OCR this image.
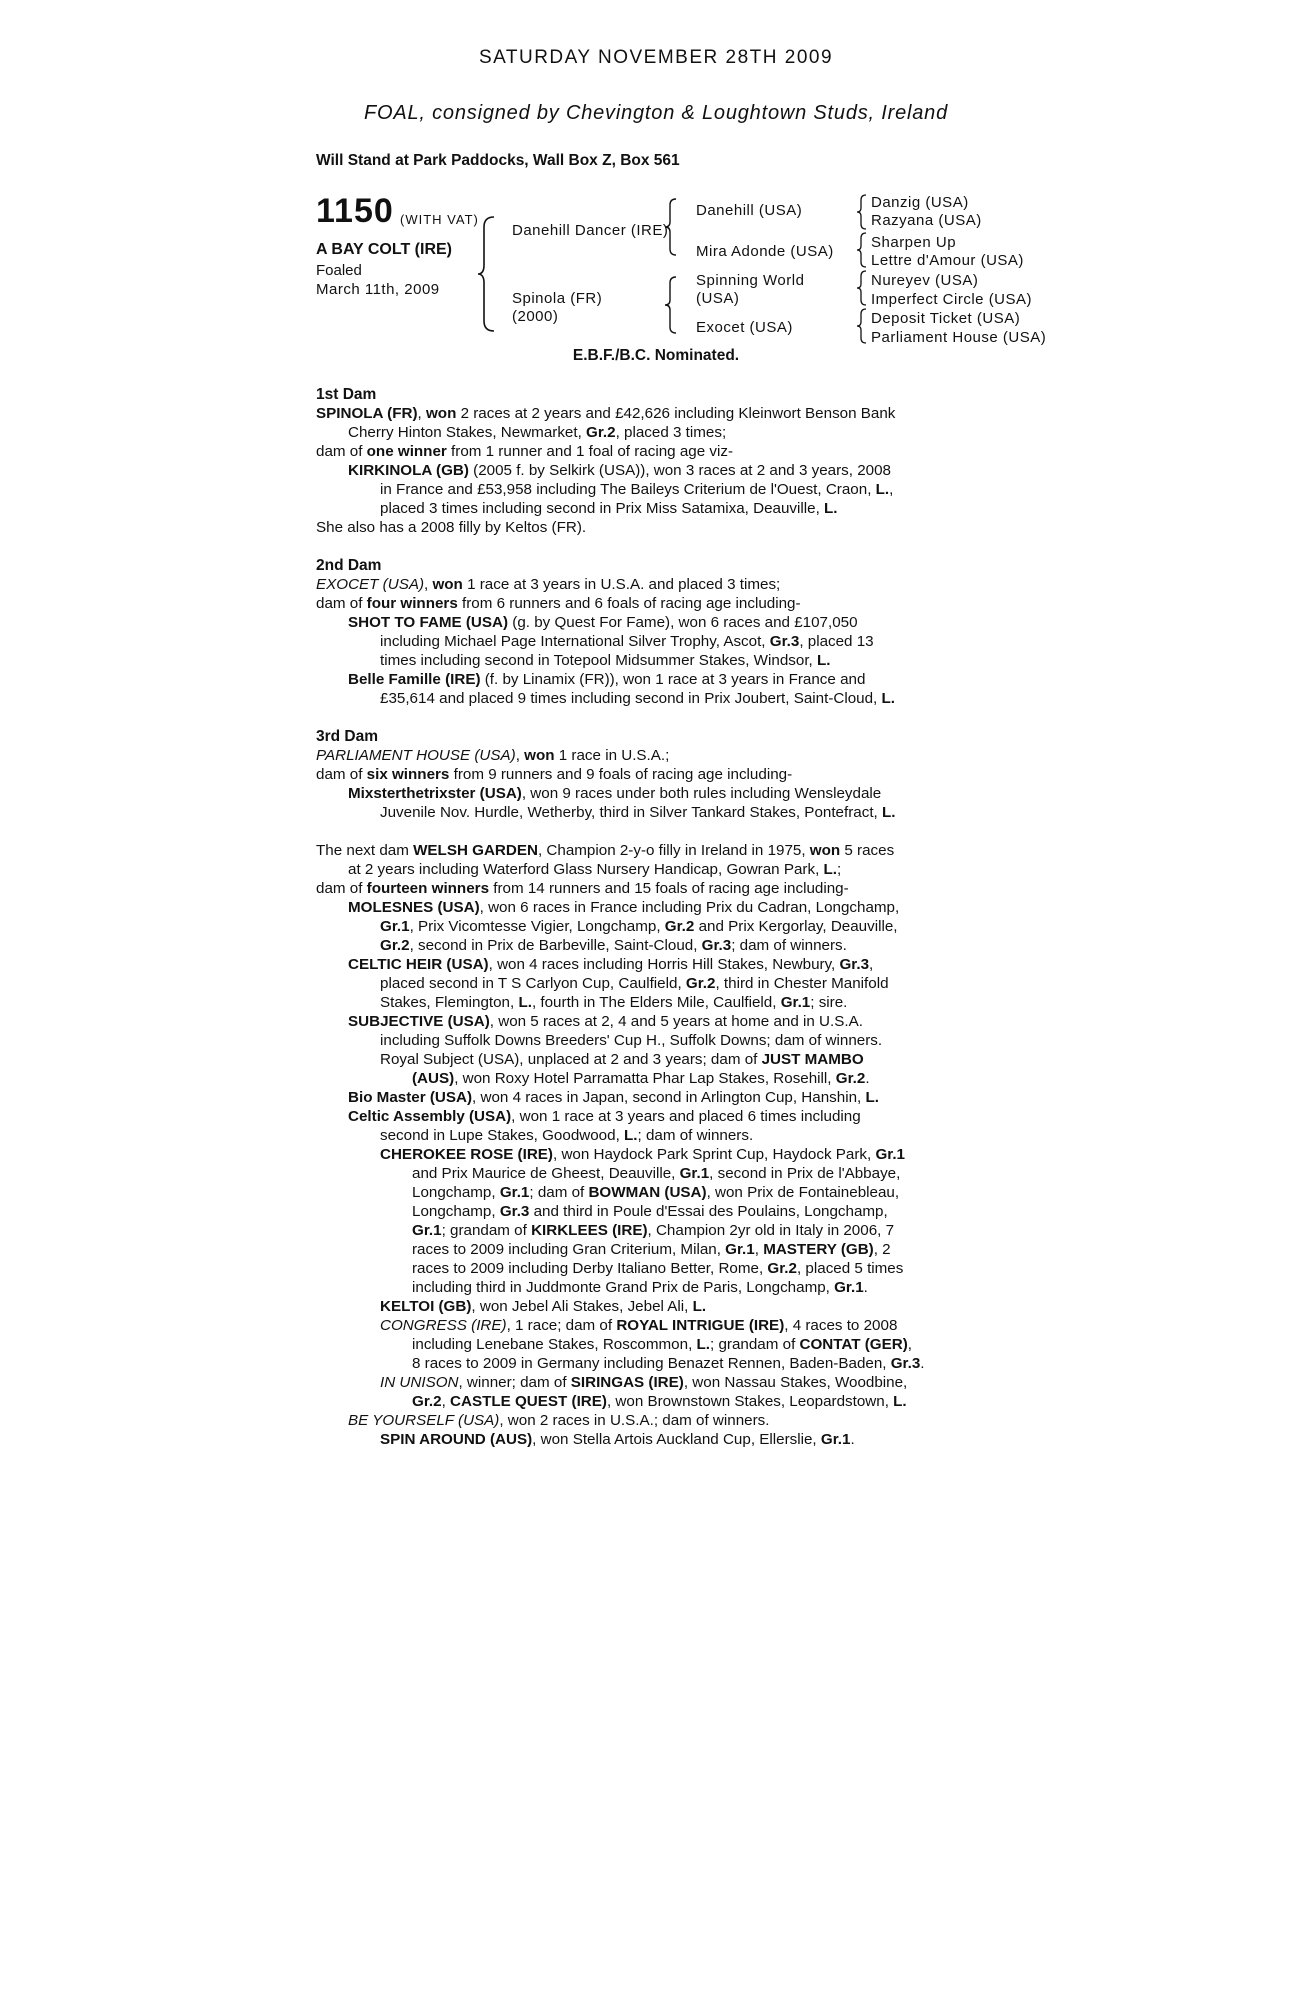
SATURDAY NOVEMBER 28TH 2009
FOAL, consigned by Chevington & Loughtown Studs, Ireland
Will Stand at Park Paddocks, Wall Box Z, Box 561
1150 (WITH VAT)
A BAY COLT (IRE)
Foaled
March 11th, 2009
Danehill Dancer (IRE)
Spinola (FR)
(2000)
Danehill (USA)
Mira Adonde (USA)
Spinning World
(USA)
Exocet (USA)
Danzig (USA)
Razyana (USA)
Sharpen Up
Lettre d'Amour (USA)
Nureyev (USA)
Imperfect Circle (USA)
Deposit Ticket (USA)
Parliament House (USA)
E.B.F./B.C. Nominated.
1st Dam
SPINOLA (FR), won 2 races at 2 years and £42,626 including Kleinwort Benson Bank
Cherry Hinton Stakes, Newmarket, Gr.2, placed 3 times;
dam of one winner from 1 runner and 1 foal of racing age viz-
KIRKINOLA (GB) (2005 f. by Selkirk (USA)), won 3 races at 2 and 3 years, 2008
in France and £53,958 including The Baileys Criterium de l'Ouest, Craon, L.,
placed 3 times including second in Prix Miss Satamixa, Deauville, L.
She also has a 2008 filly by Keltos (FR).
2nd Dam
EXOCET (USA), won 1 race at 3 years in U.S.A. and placed 3 times;
dam of four winners from 6 runners and 6 foals of racing age including-
SHOT TO FAME (USA) (g. by Quest For Fame), won 6 races and £107,050
including Michael Page International Silver Trophy, Ascot, Gr.3, placed 13
times including second in Totepool Midsummer Stakes, Windsor, L.
Belle Famille (IRE) (f. by Linamix (FR)), won 1 race at 3 years in France and
£35,614 and placed 9 times including second in Prix Joubert, Saint-Cloud, L.
3rd Dam
PARLIAMENT HOUSE (USA), won 1 race in U.S.A.;
dam of six winners from 9 runners and 9 foals of racing age including-
Mixsterthetrixster (USA), won 9 races under both rules including Wensleydale
Juvenile Nov. Hurdle, Wetherby, third in Silver Tankard Stakes, Pontefract, L.
The next dam WELSH GARDEN, Champion 2-y-o filly in Ireland in 1975, won 5 races
at 2 years including Waterford Glass Nursery Handicap, Gowran Park, L.;
dam of fourteen winners from 14 runners and 15 foals of racing age including-
MOLESNES (USA), won 6 races in France including Prix du Cadran, Longchamp,
Gr.1, Prix Vicomtesse Vigier, Longchamp, Gr.2 and Prix Kergorlay, Deauville,
Gr.2, second in Prix de Barbeville, Saint-Cloud, Gr.3; dam of winners.
CELTIC HEIR (USA), won 4 races including Horris Hill Stakes, Newbury, Gr.3,
placed second in T S Carlyon Cup, Caulfield, Gr.2, third in Chester Manifold
Stakes, Flemington, L., fourth in The Elders Mile, Caulfield, Gr.1; sire.
SUBJECTIVE (USA), won 5 races at 2, 4 and 5 years at home and in U.S.A.
including Suffolk Downs Breeders' Cup H., Suffolk Downs; dam of winners.
Royal Subject (USA), unplaced at 2 and 3 years; dam of JUST MAMBO
(AUS), won Roxy Hotel Parramatta Phar Lap Stakes, Rosehill, Gr.2.
Bio Master (USA), won 4 races in Japan, second in Arlington Cup, Hanshin, L.
Celtic Assembly (USA), won 1 race at 3 years and placed 6 times including
second in Lupe Stakes, Goodwood, L.; dam of winners.
CHEROKEE ROSE (IRE), won Haydock Park Sprint Cup, Haydock Park, Gr.1
and Prix Maurice de Gheest, Deauville, Gr.1, second in Prix de l'Abbaye,
Longchamp, Gr.1; dam of BOWMAN (USA), won Prix de Fontainebleau,
Longchamp, Gr.3 and third in Poule d'Essai des Poulains, Longchamp,
Gr.1; grandam of KIRKLEES (IRE), Champion 2yr old in Italy in 2006, 7
races to 2009 including Gran Criterium, Milan, Gr.1, MASTERY (GB), 2
races to 2009 including Derby Italiano Better, Rome, Gr.2, placed 5 times
including third in Juddmonte Grand Prix de Paris, Longchamp, Gr.1.
KELTOI (GB), won Jebel Ali Stakes, Jebel Ali, L.
CONGRESS (IRE), 1 race; dam of ROYAL INTRIGUE (IRE), 4 races to 2008
including Lenebane Stakes, Roscommon, L.; grandam of CONTAT (GER),
8 races to 2009 in Germany including Benazet Rennen, Baden-Baden, Gr.3.
IN UNISON, winner; dam of SIRINGAS (IRE), won Nassau Stakes, Woodbine,
Gr.2, CASTLE QUEST (IRE), won Brownstown Stakes, Leopardstown, L.
BE YOURSELF (USA), won 2 races in U.S.A.; dam of winners.
SPIN AROUND (AUS), won Stella Artois Auckland Cup, Ellerslie, Gr.1.
